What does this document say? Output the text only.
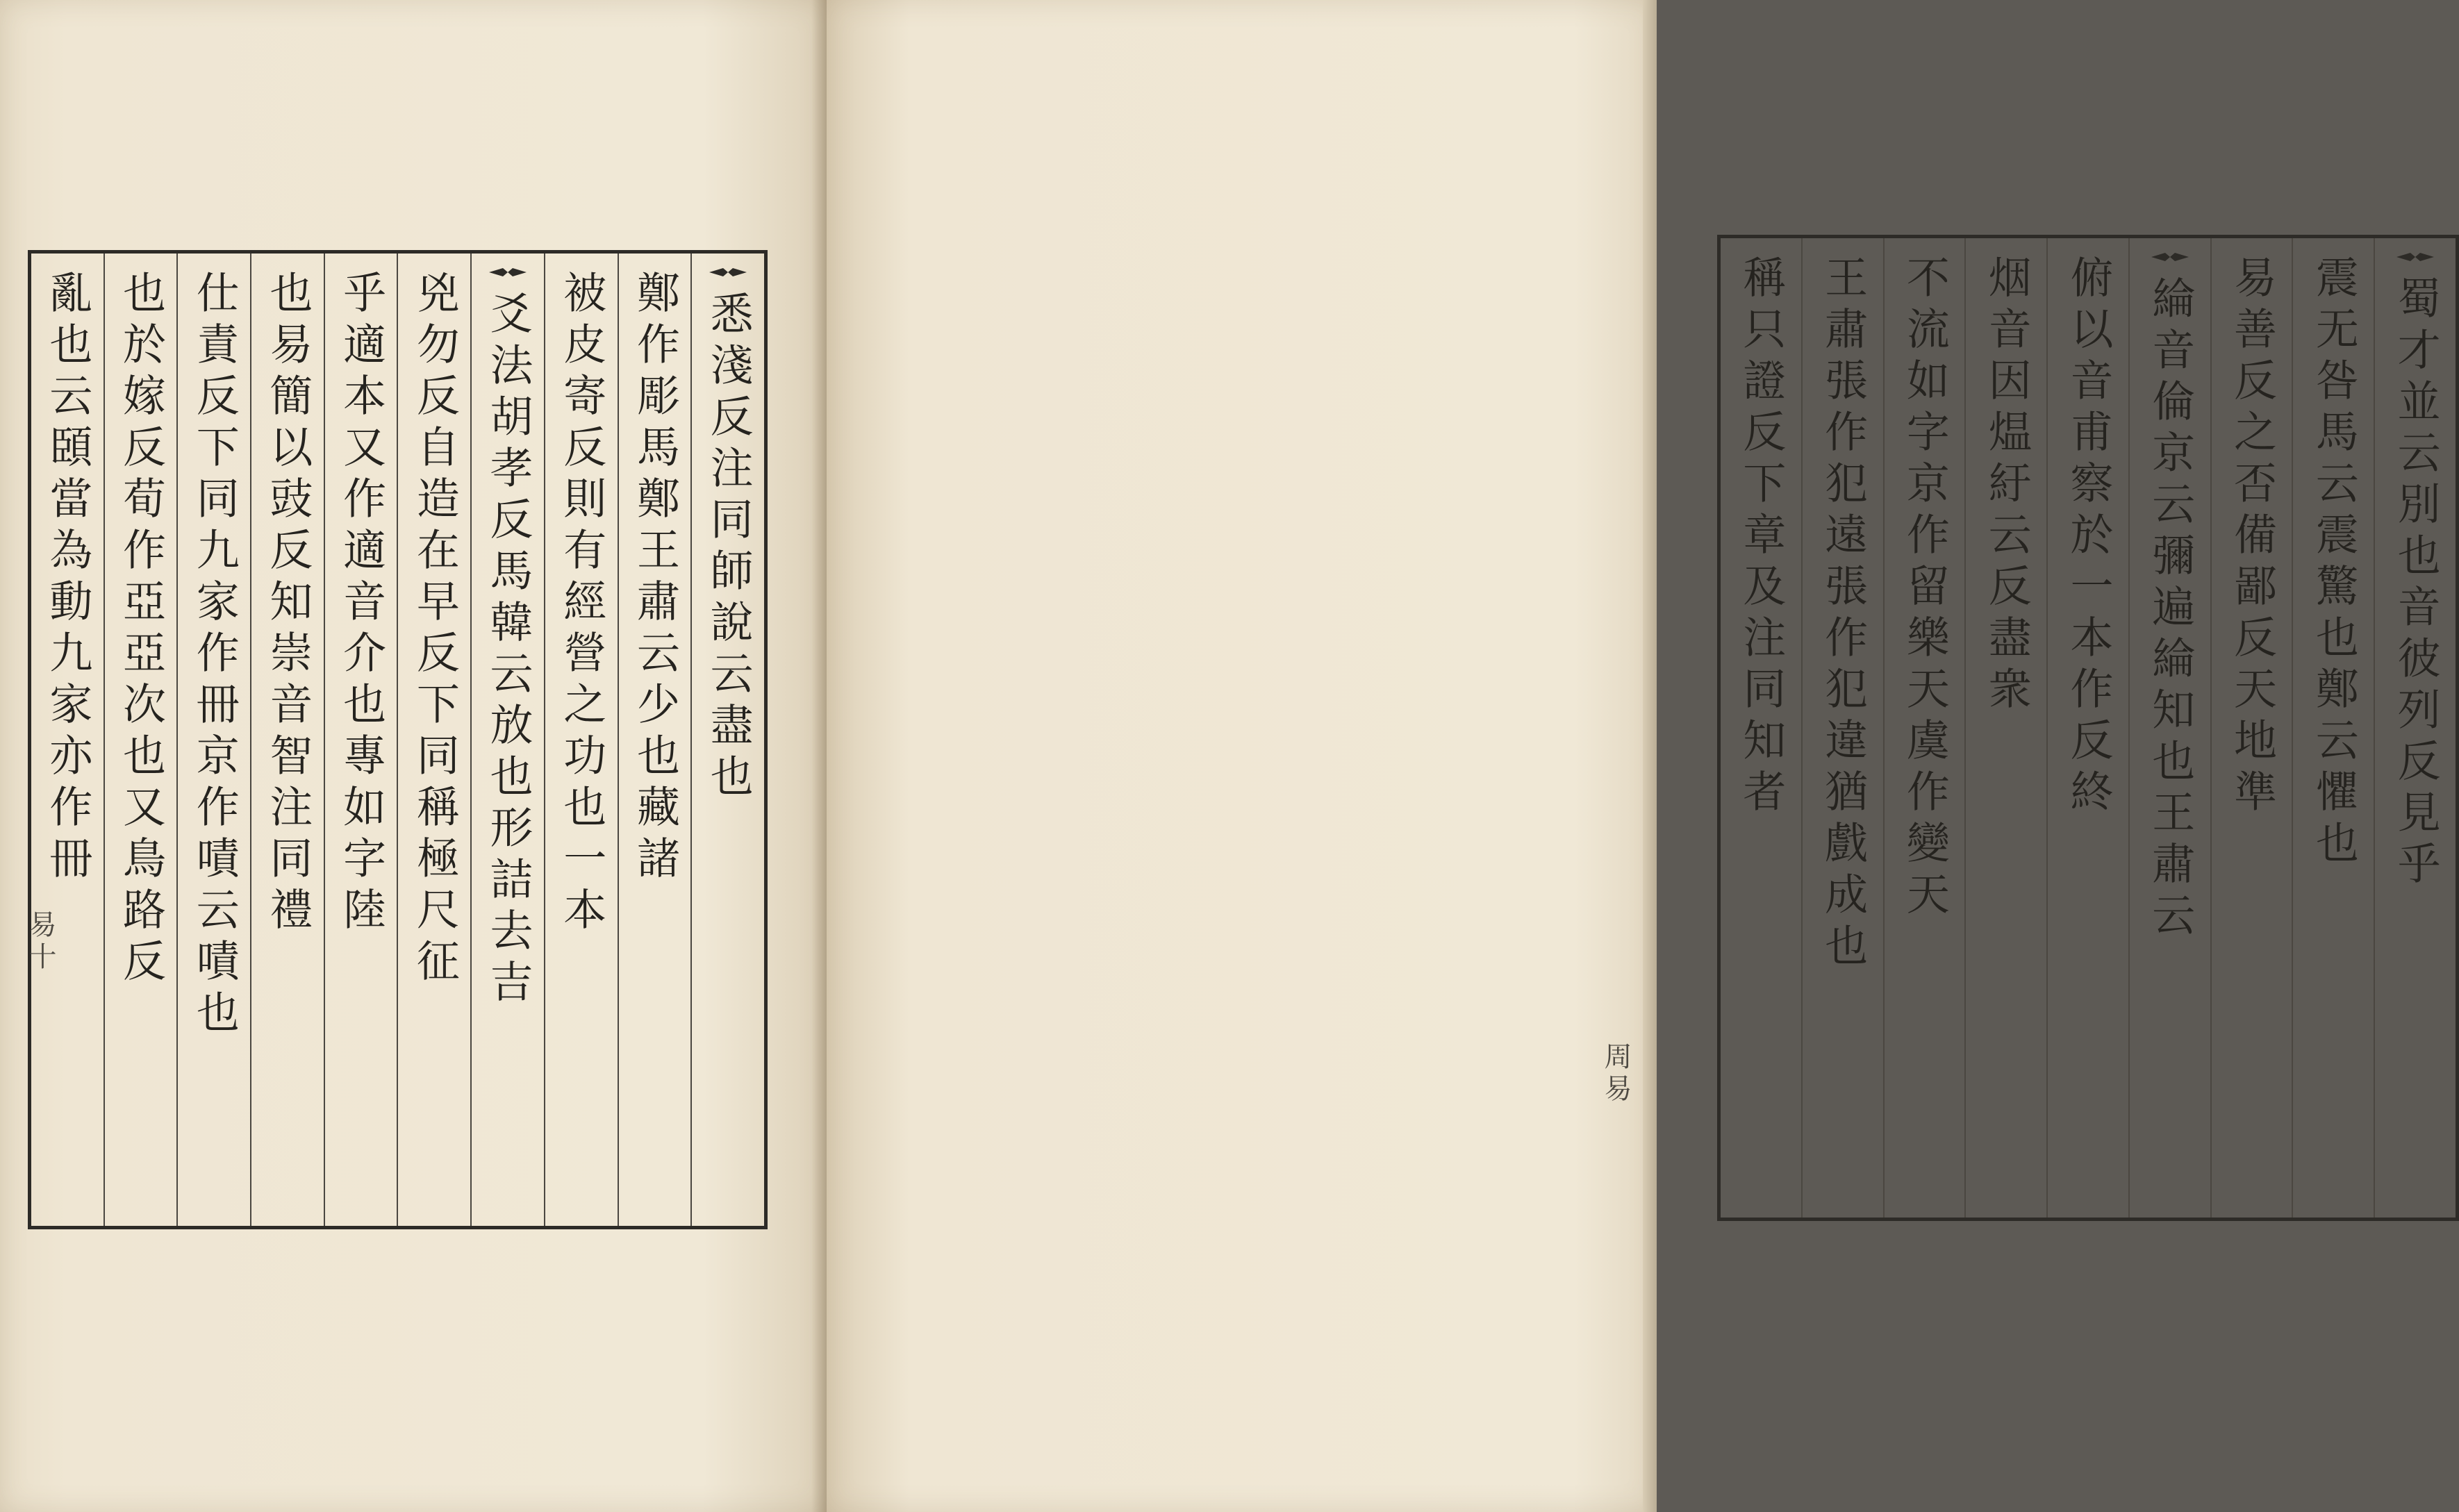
悉淺反注同師說云盡也
鄭作彫馬鄭王肅云少也藏諸
被皮寄反則有經營之功也一本
爻法胡孝反馬韓云放也形詰去吉
兇勿反自造在早反下同稱極尺征
乎適本又作適音介也專如字陸
也易簡以豉反知崇音智注同禮
仕責反下同九家作冊京作嘖云嘖也
也於嫁反荀作亞亞次也又鳥路反
亂也云頣當為動九家亦作冊
易十
蜀才並云別也音彼列反見乎
震无咎馬云震驚也鄭云懼也
易善反之否備鄙反天地準
綸音倫京云彌遍綸知也王肅云
俯以音甫察於一本作反終
烟音因煴紆云反盡衆
不流如字京作留樂天虞作變天
王肅張作犯遠張作犯違猶戲成也
稱只證反下章及注同知者
周易
